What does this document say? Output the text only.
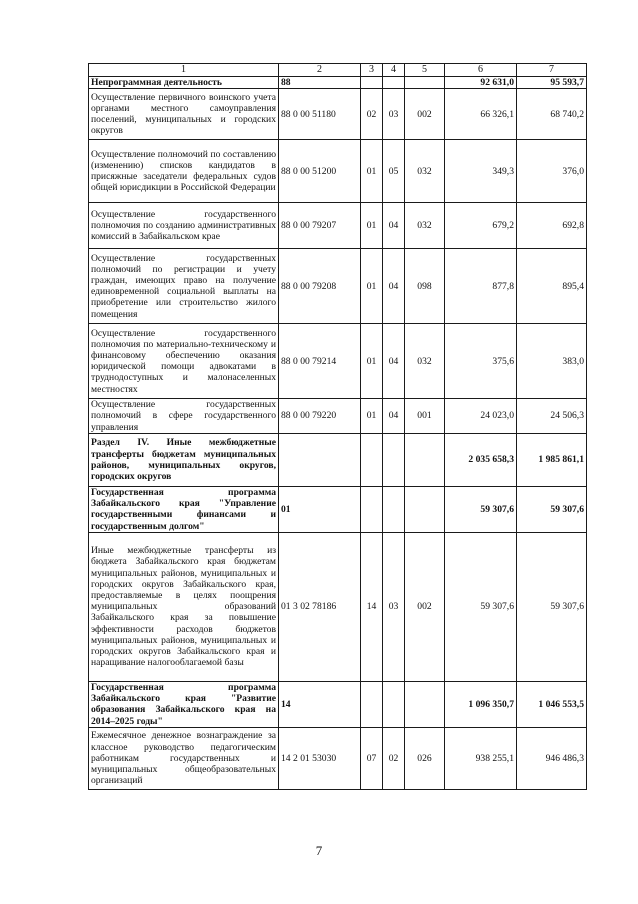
1	2	3	4	5	6	7
Непрограммная деятельность	88				92 631,0	95 593,7
Осуществление первичного воинского учета органами местного самоуправления поселений, муниципальных и городских округов	88 0 00 51180	02	03	002	66 326,1	68 740,2
Осуществление полномочий по составлению (изменению) списков кандидатов в присяжные заседатели федеральных судов общей юрисдикции в Российской Федерации	88 0 00 51200	01	05	032	349,3	376,0
Осуществление государственного полномочия по созданию административных комиссий в Забайкальском крае	88 0 00 79207	01	04	032	679,2	692,8
Осуществление государственных полномочий по регистрации и учету граждан, имеющих право на получение единовременной социальной выплаты на приобретение или строительство жилого помещения	88 0 00 79208	01	04	098	877,8	895,4
Осуществление государственного полномочия по материально-техническому и финансовому обеспечению оказания юридической помощи адвокатами в труднодоступных и малонаселенных местностях	88 0 00 79214	01	04	032	375,6	383,0
Осуществление государственных полномочий в сфере государственного управления	88 0 00 79220	01	04	001	24 023,0	24 506,3
Раздел IV. Иные межбюджетные трансферты бюджетам муниципальных районов, муниципальных округов, городских округов					2 035 658,3	1 985 861,1
Государственная программа Забайкальского края "Управление государственными финансами и государственным долгом"	01				59 307,6	59 307,6
Иные межбюджетные трансферты из бюджета Забайкальского края бюджетам муниципальных районов, муниципальных и городских округов Забайкальского края, предоставляемые в целях поощрения муниципальных образований Забайкальского края за повышение эффективности расходов бюджетов муниципальных районов, муниципальных и городских округов Забайкальского края и наращивание налогооблагаемой базы	01 3 02 78186	14	03	002	59 307,6	59 307,6
Государственная программа Забайкальского края "Развитие образования Забайкальского края на 2014–2025 годы"	14				1 096 350,7	1 046 553,5
Ежемесячное денежное вознаграждение за классное руководство педагогическим работникам государственных и муниципальных общеобразовательных организаций	14 2 01 53030	07	02	026	938 255,1	946 486,3
7
